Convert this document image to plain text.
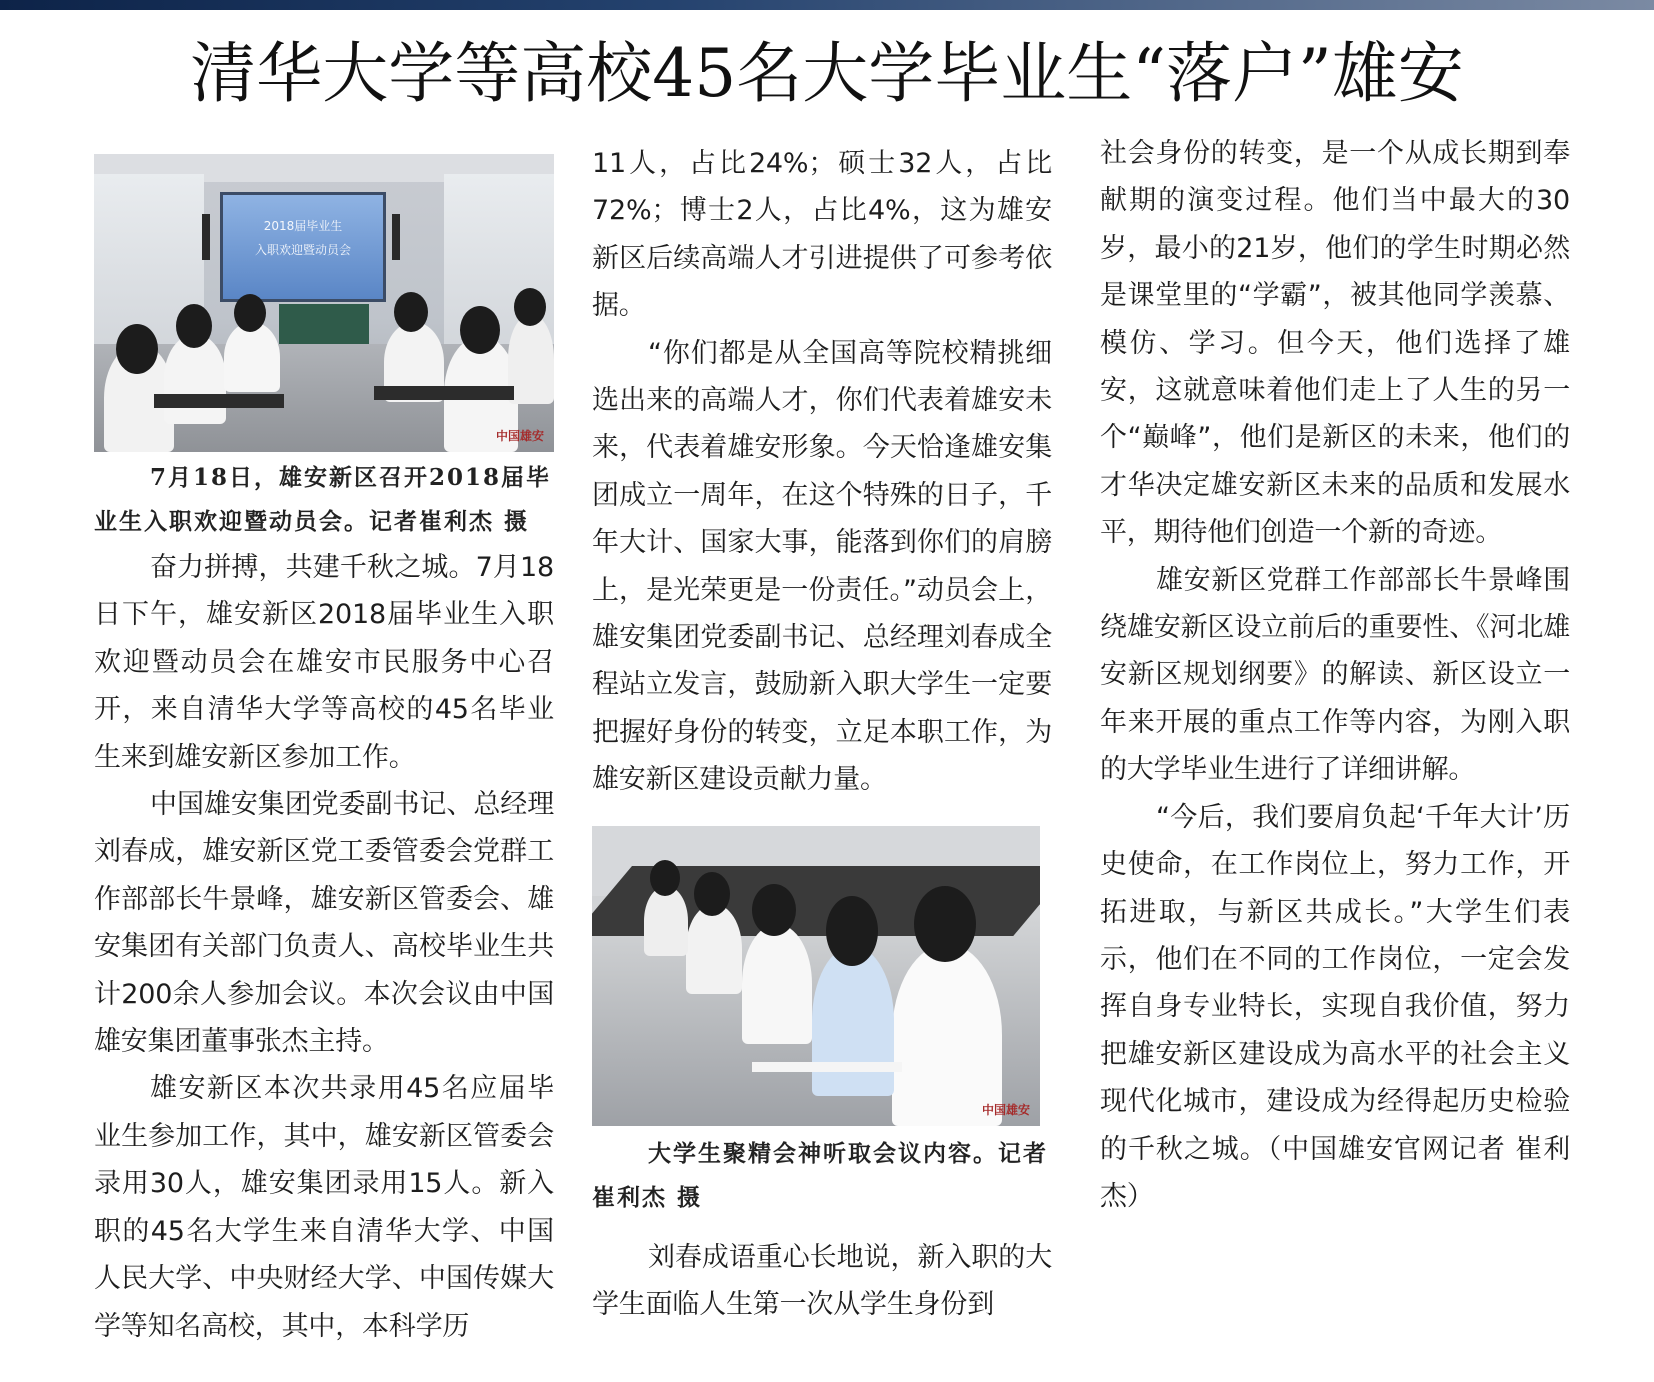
清华大学等高校45名大学毕业生“落户”雄安
2018届毕业生
入职欢迎暨动员会
中国雄安

7月18日，雄安新区召开2018届毕业生入职欢迎暨动员会。记者崔利杰 摄

奋力拼搏，共建千秋之城。7月18日下午，雄安新区2018届毕业生入职欢迎暨动员会在雄安市民服务中心召开，来自清华大学等高校的45名毕业生来到雄安新区参加工作。

中国雄安集团党委副书记、总经理刘春成，雄安新区党工委管委会党群工作部部长牛景峰，雄安新区管委会、雄安集团有关部门负责人、高校毕业生共计200余人参加会议。本次会议由中国雄安集团董事张杰主持。

雄安新区本次共录用45名应届毕业生参加工作，其中，雄安新区管委会录用30人，雄安集团录用15人。新入职的45名大学生来自清华大学、中国人民大学、中央财经大学、中国传媒大学等知名高校，其中，本科学历

11人，占比24%；硕士32人，占比72%；博士2人，占比4%，这为雄安新区后续高端人才引进提供了可参考依据。

“你们都是从全国高等院校精挑细选出来的高端人才，你们代表着雄安未来，代表着雄安形象。今天恰逢雄安集团成立一周年，在这个特殊的日子，千年大计、国家大事，能落到你们的肩膀上，是光荣更是一份责任。”动员会上，雄安集团党委副书记、总经理刘春成全程站立发言，鼓励新入职大学生一定要把握好身份的转变，立足本职工作，为雄安新区建设贡献力量。

中国雄安

大学生聚精会神听取会议内容。记者崔利杰 摄

刘春成语重心长地说，新入职的大学生面临人生第一次从学生身份到

社会身份的转变，是一个从成长期到奉献期的演变过程。他们当中最大的30岁，最小的21岁，他们的学生时期必然是课堂里的“学霸”，被其他同学羡慕、模仿、学习。但今天，他们选择了雄安，这就意味着他们走上了人生的另一个“巅峰”，他们是新区的未来，他们的才华决定雄安新区未来的品质和发展水平，期待他们创造一个新的奇迹。

雄安新区党群工作部部长牛景峰围绕雄安新区设立前后的重要性、《河北雄安新区规划纲要》的解读、新区设立一年来开展的重点工作等内容，为刚入职的大学毕业生进行了详细讲解。

“今后，我们要肩负起‘千年大计’历史使命，在工作岗位上，努力工作，开拓进取，与新区共成长。”大学生们表示，他们在不同的工作岗位，一定会发挥自身专业特长，实现自我价值，努力把雄安新区建设成为高水平的社会主义现代化城市，建设成为经得起历史检验的千秋之城。（中国雄安官网记者 崔利杰）
